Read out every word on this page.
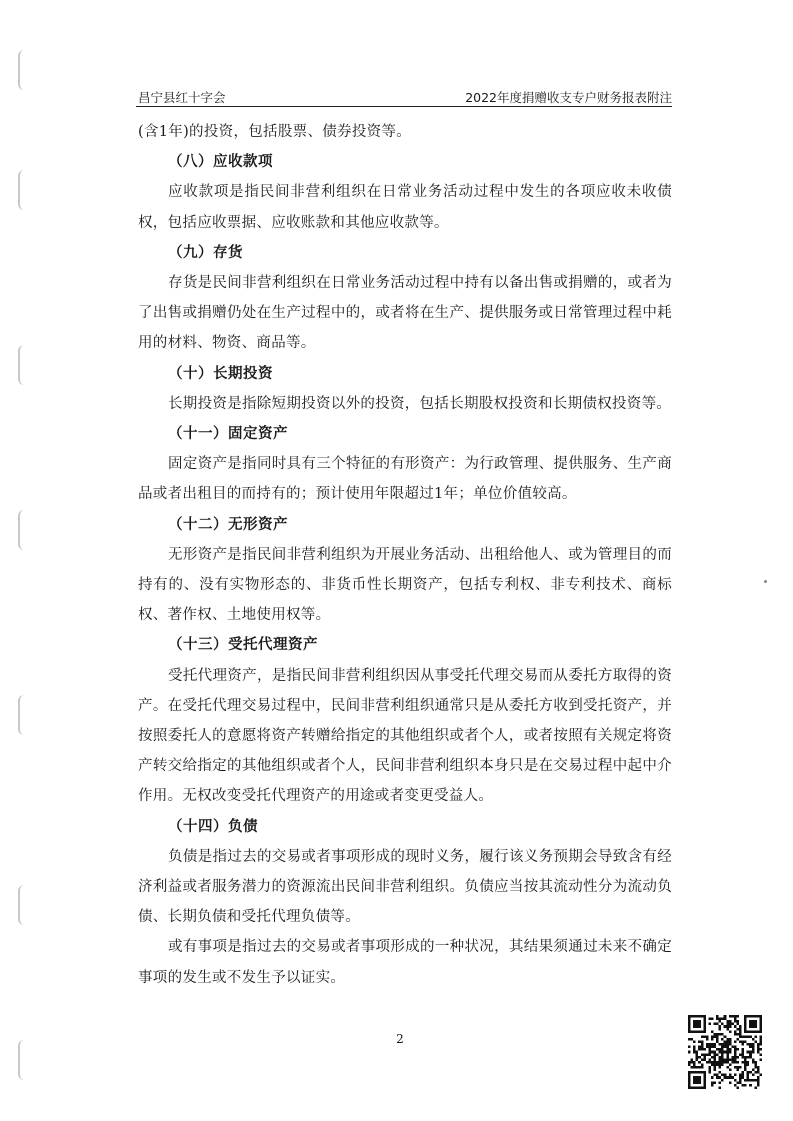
昌宁县红十字会	2022年度捐赠收支专户财务报表附注

(含1年)的投资，包括股票、债券投资等。

（八）应收款项

应收款项是指民间非营利组织在日常业务活动过程中发生的各项应收未收债权，包括应收票据、应收账款和其他应收款等。

（九）存货

存货是民间非营利组织在日常业务活动过程中持有以备出售或捐赠的，或者为了出售或捐赠仍处在生产过程中的，或者将在生产、提供服务或日常管理过程中耗用的材料、物资、商品等。

（十）长期投资

长期投资是指除短期投资以外的投资，包括长期股权投资和长期债权投资等。

（十一）固定资产

固定资产是指同时具有三个特征的有形资产：为行政管理、提供服务、生产商品或者出租目的而持有的；预计使用年限超过1年；单位价值较高。

（十二）无形资产

无形资产是指民间非营利组织为开展业务活动、出租给他人、或为管理目的而持有的、没有实物形态的、非货币性长期资产，包括专利权、非专利技术、商标权、著作权、土地使用权等。

（十三）受托代理资产

受托代理资产，是指民间非营利组织因从事受托代理交易而从委托方取得的资产。在受托代理交易过程中，民间非营利组织通常只是从委托方收到受托资产，并按照委托人的意愿将资产转赠给指定的其他组织或者个人，或者按照有关规定将资产转交给指定的其他组织或者个人，民间非营利组织本身只是在交易过程中起中介作用。无权改变受托代理资产的用途或者变更受益人。

（十四）负债

负债是指过去的交易或者事项形成的现时义务，履行该义务预期会导致含有经济利益或者服务潜力的资源流出民间非营利组织。负债应当按其流动性分为流动负债、长期负债和受托代理负债等。

或有事项是指过去的交易或者事项形成的一种状况，其结果须通过未来不确定事项的发生或不发生予以证实。

2
